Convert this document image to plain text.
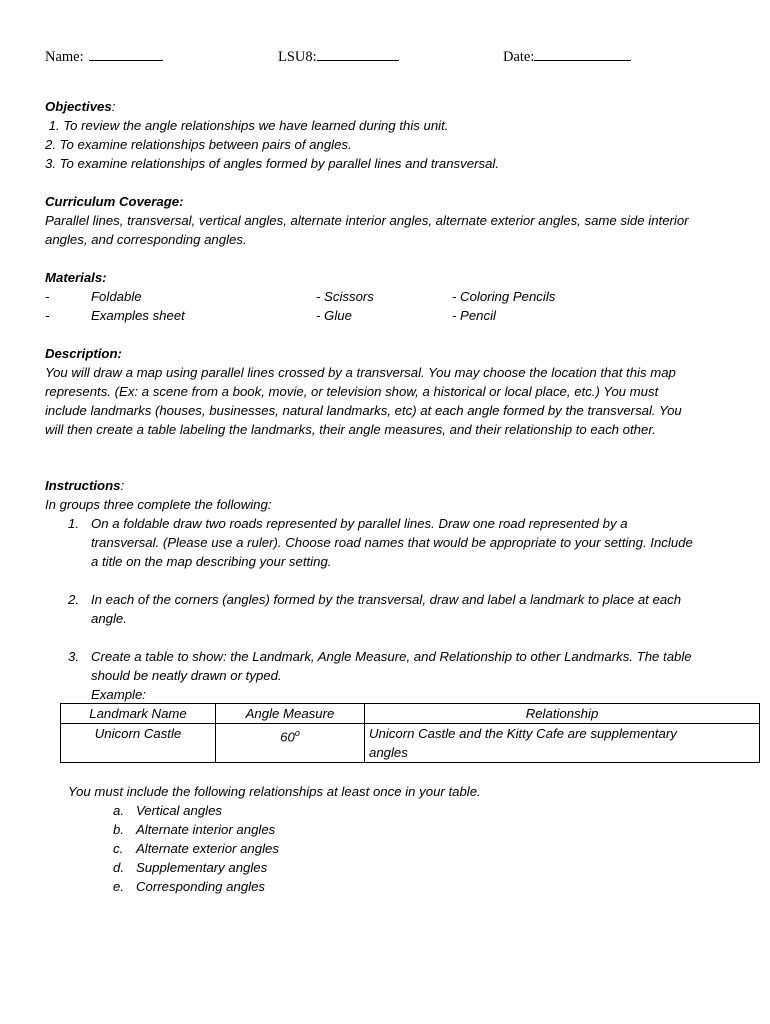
Name:	LSU8:	Date:
Objectives:
1. To review the angle relationships we have learned during this unit.
2. To examine relationships between pairs of angles.
3. To examine relationships of angles formed by parallel lines and transversal.
Curriculum Coverage:
Parallel lines, transversal, vertical angles, alternate interior angles, alternate exterior angles, same side interior
angles, and corresponding angles.
Materials:
-	Foldable	- Scissors	- Coloring Pencils
-	Examples sheet	- Glue	- Pencil
Description:
You will draw a map using parallel lines crossed by a transversal. You may choose the location that this map
represents. (Ex: a scene from a book, movie, or television show, a historical or local place, etc.) You must
include landmarks (houses, businesses, natural landmarks, etc) at each angle formed by the transversal. You
will then create a table labeling the landmarks, their angle measures, and their relationship to each other.
Instructions:
In groups three complete the following:
1. On a foldable draw two roads represented by parallel lines. Draw one road represented by a
transversal. (Please use a ruler). Choose road names that would be appropriate to your setting. Include
a title on the map describing your setting.
2. In each of the corners (angles) formed by the transversal, draw and label a landmark to place at each
angle.
3. Create a table to show: the Landmark, Angle Measure, and Relationship to other Landmarks. The table
should be neatly drawn or typed.
Example:
Landmark Name	Angle Measure	Relationship
Unicorn Castle	60$^o$	Unicorn Castle and the Kitty Cafe are supplementary
angles
You must include the following relationships at least once in your table.
a. Vertical angles
b. Alternate interior angles
c. Alternate exterior angles
d. Supplementary angles
e. Corresponding angles
